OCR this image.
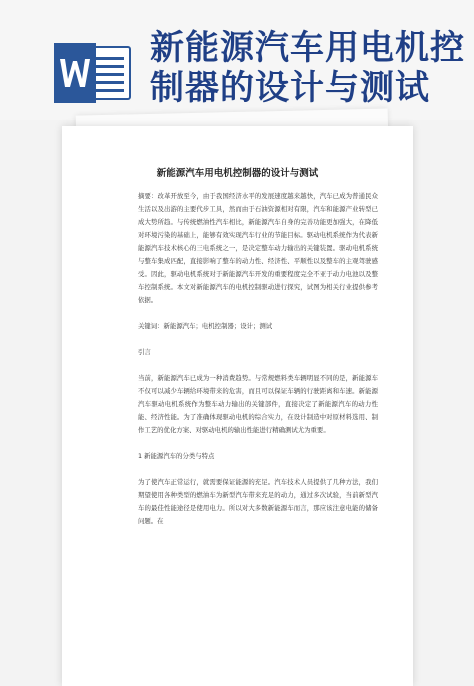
新能源汽车用电机控制器的设计与测试
新能源汽车用电机控制器的设计与测试

摘要：改革开放至今，由于我国经济水平的发展速度越来越快，汽车已成为普通民众生活以及出游的主要代步工具，然而由于石油资源相对有限，汽车和能源产业转型已成大势所趋。与传统燃油性汽车相比，新能源汽车自身的完善功能更加强大，在降低对环境污染的基础上，能够有效实现汽车行业的节能目标。驱动电机系统作为代表新能源汽车技术核心的三电系统之一，是决定整车动力输出的关键装置。驱动电机系统与整车集成匹配，直接影响了整车的动力性、经济性、平顺性以及整车的主观驾驶感受。因此，驱动电机系统对于新能源汽车开发的重要程度完全不亚于动力电池以及整车控制系统。本文对新能源汽车的电机控制驱动进行探究，试图为相关行业提供参考依据。

关键词：新能源汽车；电机控制器；设计；测试

引言

当前，新能源汽车已成为一种消费趋势。与常规燃料类车辆明显不同的是，新能源车不仅可以减少车辆给环境带来的危害，而且可以保证车辆的行驶距离和车速。新能源汽车驱动电机系统作为整车动力输出的关键部件，直接决定了新能源汽车的动力性能、经济性能。为了准确体现驱动电机的综合实力，在设计制造中对原材料选用、制作工艺的优化方案、对驱动电机的输出性能进行精确测试尤为重要。

1 新能源汽车的分类与特点

为了使汽车正常运行，就需要保证能源的充足。汽车技术人员提供了几种方法，我们期望使用各种类型的燃油车为新型汽车带来充足的动力，通过多次试验，当前新型汽车的最佳性能途径是使用电力。所以对大多数新能源车而言，那应该注意电能的储备问题。在
